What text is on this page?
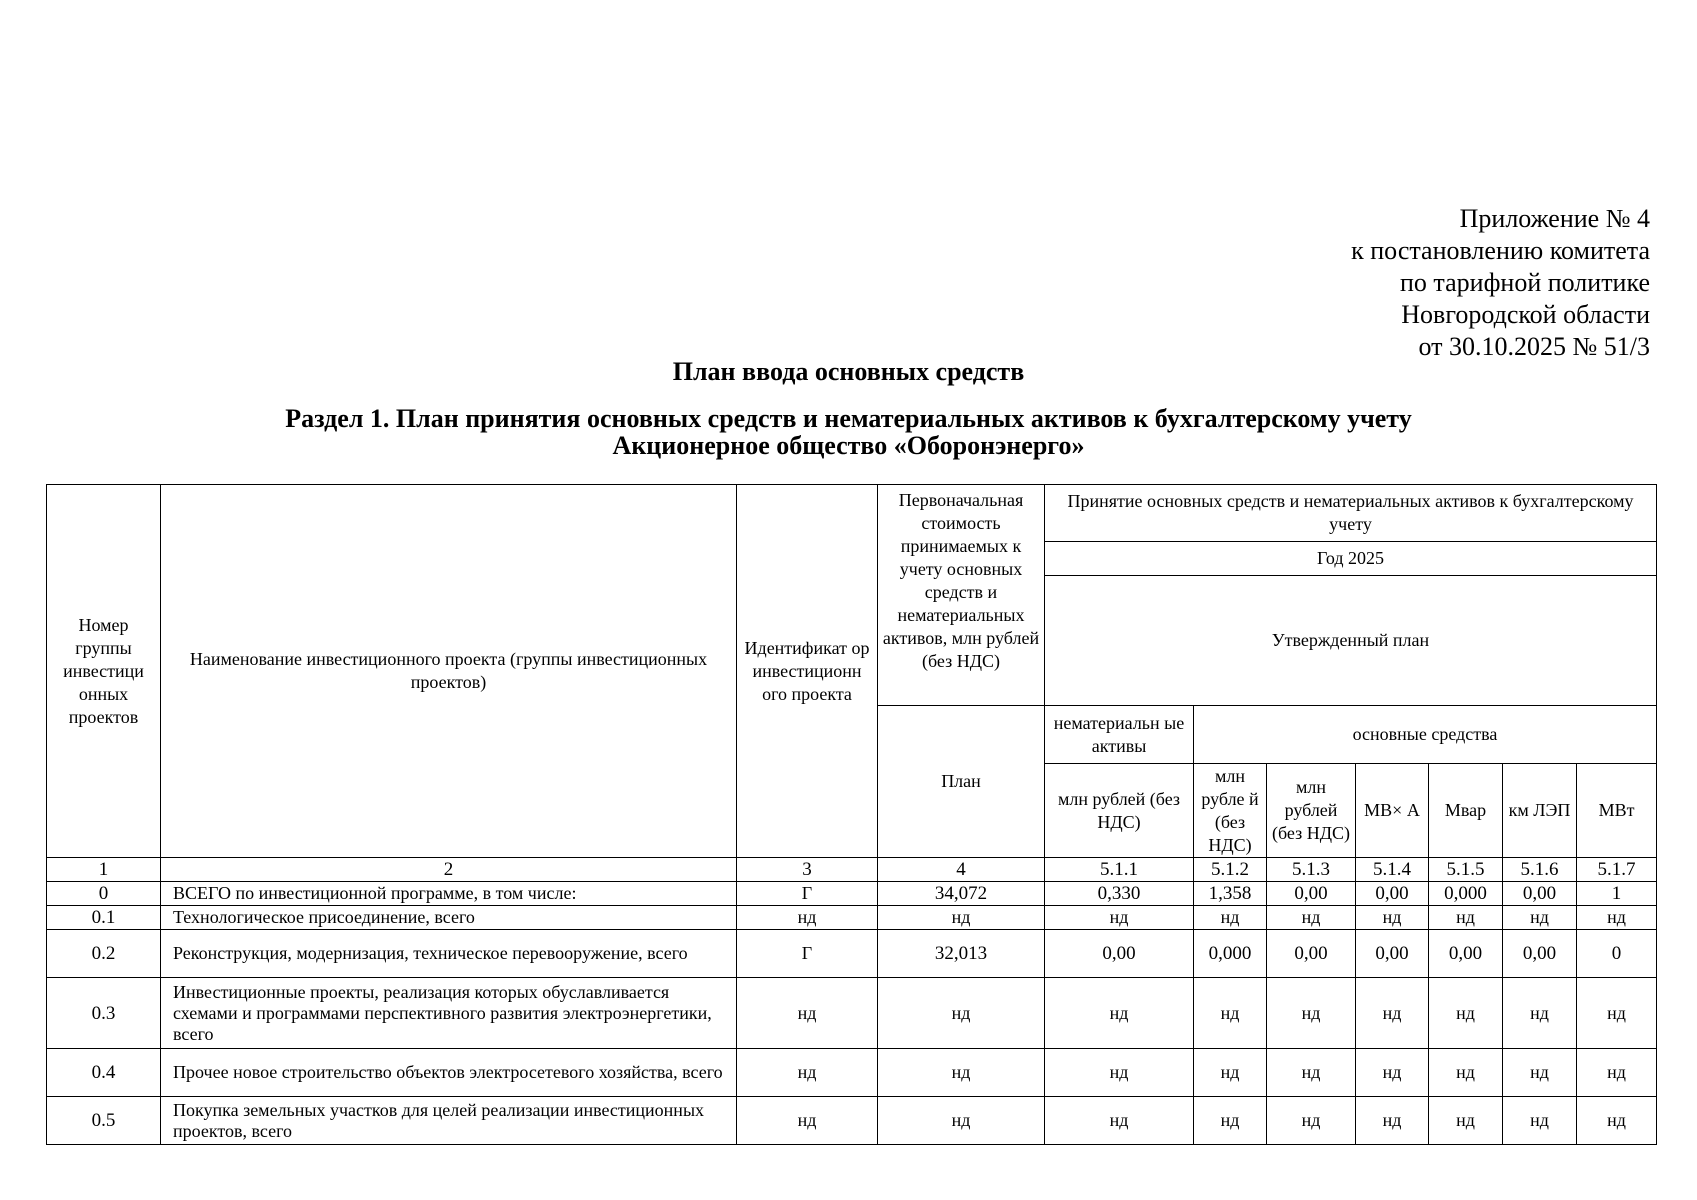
Приложение № 4
к постановлению комитета
по тарифной политике
Новгородской области
от 30.10.2025 № 51/3
План ввода основных средств
Раздел 1. План принятия основных средств и нематериальных активов к бухгалтерскому учету
Акционерное общество «Оборонэнерго»
Номер группы инвестици онных проектов	Наименование инвестиционного проекта (группы инвестиционных проектов)	Идентификат ор инвестиционн ого проекта	Первоначальная стоимость принимаемых к учету основных средств и нематериальных активов, млн рублей (без НДС)	Принятие основных средств и нематериальных активов к бухгалтерскому учету						
				Год 2025						
				Утвержденный план						
			План	нематериальн ые активы	основные средства					
				млн рублей (без НДС)	млн рубле й (без НДС)	млн рублей (без НДС)	МВ× А	Мвар	км ЛЭП	МВт

1	2	3	4	5.1.1	5.1.2	5.1.3	5.1.4	5.1.5	5.1.6	5.1.7
0	ВСЕГО по инвестиционной программе, в том числе:	Г	34,072	0,330	1,358	0,00	0,00	0,000	0,00	1
0.1	Технологическое присоединение, всего	нд	нд	нд	нд	нд	нд	нд	нд	нд
0.2	Реконструкция, модернизация, техническое перевооружение, всего	Г	32,013	0,00	0,000	0,00	0,00	0,00	0,00	0
0.3	Инвестиционные проекты, реализация которых обуславливается схемами и программами перспективного развития электроэнергетики, всего	нд	нд	нд	нд	нд	нд	нд	нд	нд
0.4	Прочее новое строительство объектов электросетевого хозяйства, всего	нд	нд	нд	нд	нд	нд	нд	нд	нд
0.5	Покупка земельных участков для целей реализации инвестиционных проектов, всего	нд	нд	нд	нд	нд	нд	нд	нд	нд
